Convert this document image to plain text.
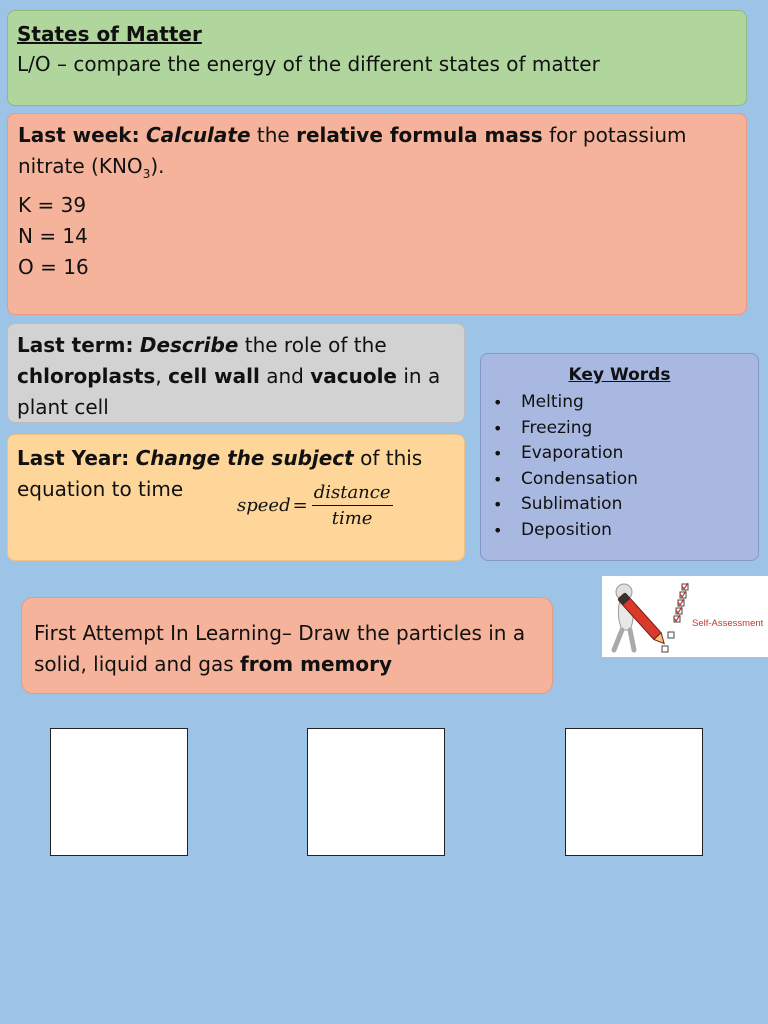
States of Matter
L/O – compare the energy of the different states of matter
Last week: Calculate the relative formula mass for potassium nitrate $(KNO_3)$.
K = 39
N = 14
O = 16
Last term: Describe the role of the chloroplasts, cell wall and vacuole in a plant cell
Last Year: Change the subject of this equation to time
speed = $\frac{\text{distance}}{\text{time}}$
Key Words
• Melting
• Freezing
• Evaporation
• Condensation
• Sublimation
• Deposition
Self-Assessment
First Attempt In Learning– Draw the particles in a solid, liquid and gas from memory
